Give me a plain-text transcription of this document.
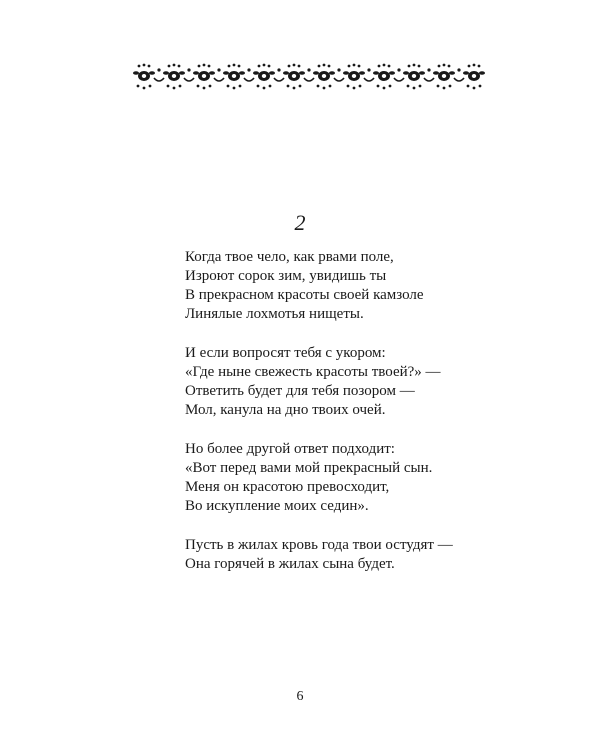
2
Когда твое чело, как рвами поле,
Изроют сорок зим, увидишь ты
В прекрасном красоты своей камзоле
Линялые лохмотья нищеты.
И если вопросят тебя с укором:
«Где ныне свежесть красоты твоей?» —
Ответить будет для тебя позором —
Мол, канула на дно твоих очей.
Но более другой ответ подходит:
«Вот перед вами мой прекрасный сын.
Меня он красотою превосходит,
Во искупление моих седин».
Пусть в жилах кровь года твои остудят —
Она горячей в жилах сына будет.
6
